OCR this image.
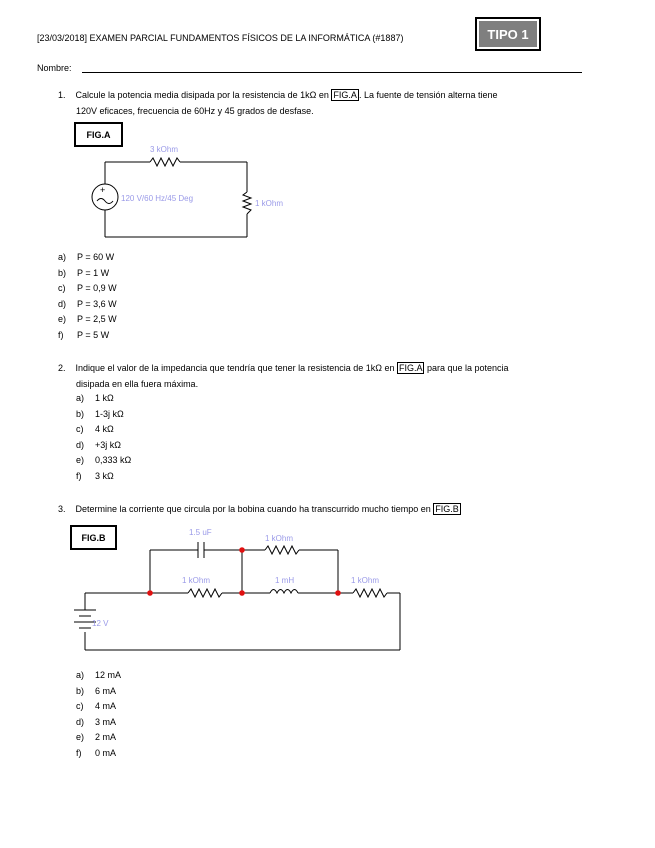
[23/03/2018] EXAMEN PARCIAL FUNDAMENTOS FÍSICOS DE LA INFORMÁTICA (#1887)	TIPO 1
Nombre:
1. Calcule la potencia media disipada por la resistencia de 1kΩ en FIG.A . La fuente de tensión alterna tiene
120V eficaces, frecuencia de 60Hz y 45 grados de desfase.
FIG.A
3 kOhm
+
120 V/60 Hz/45 Deg
1 kOhm
a) P = 60 W
b) P = 1 W
c) P = 0,9 W
d) P = 3,6 W
e) P = 2,5 W
f) P = 5 W
2. Indique el valor de la impedancia que tendría que tener la resistencia de 1kΩ en FIG.A para que la potencia
disipada en ella fuera máxima.
a) 1 kΩ
b) 1-3j kΩ
c) 4 kΩ
d) +3j kΩ
e) 0,333 kΩ
f) 3 kΩ
3. Determine la corriente que circula por la bobina cuando ha transcurrido mucho tiempo en FIG.B
FIG.B	1.5 uF
1 kOhm
1 kOhm	1 mH	1 kOhm
12 V
a) 12 mA
b) 6 mA
c) 4 mA
d) 3 mA
e) 2 mA
f) 0 mA
